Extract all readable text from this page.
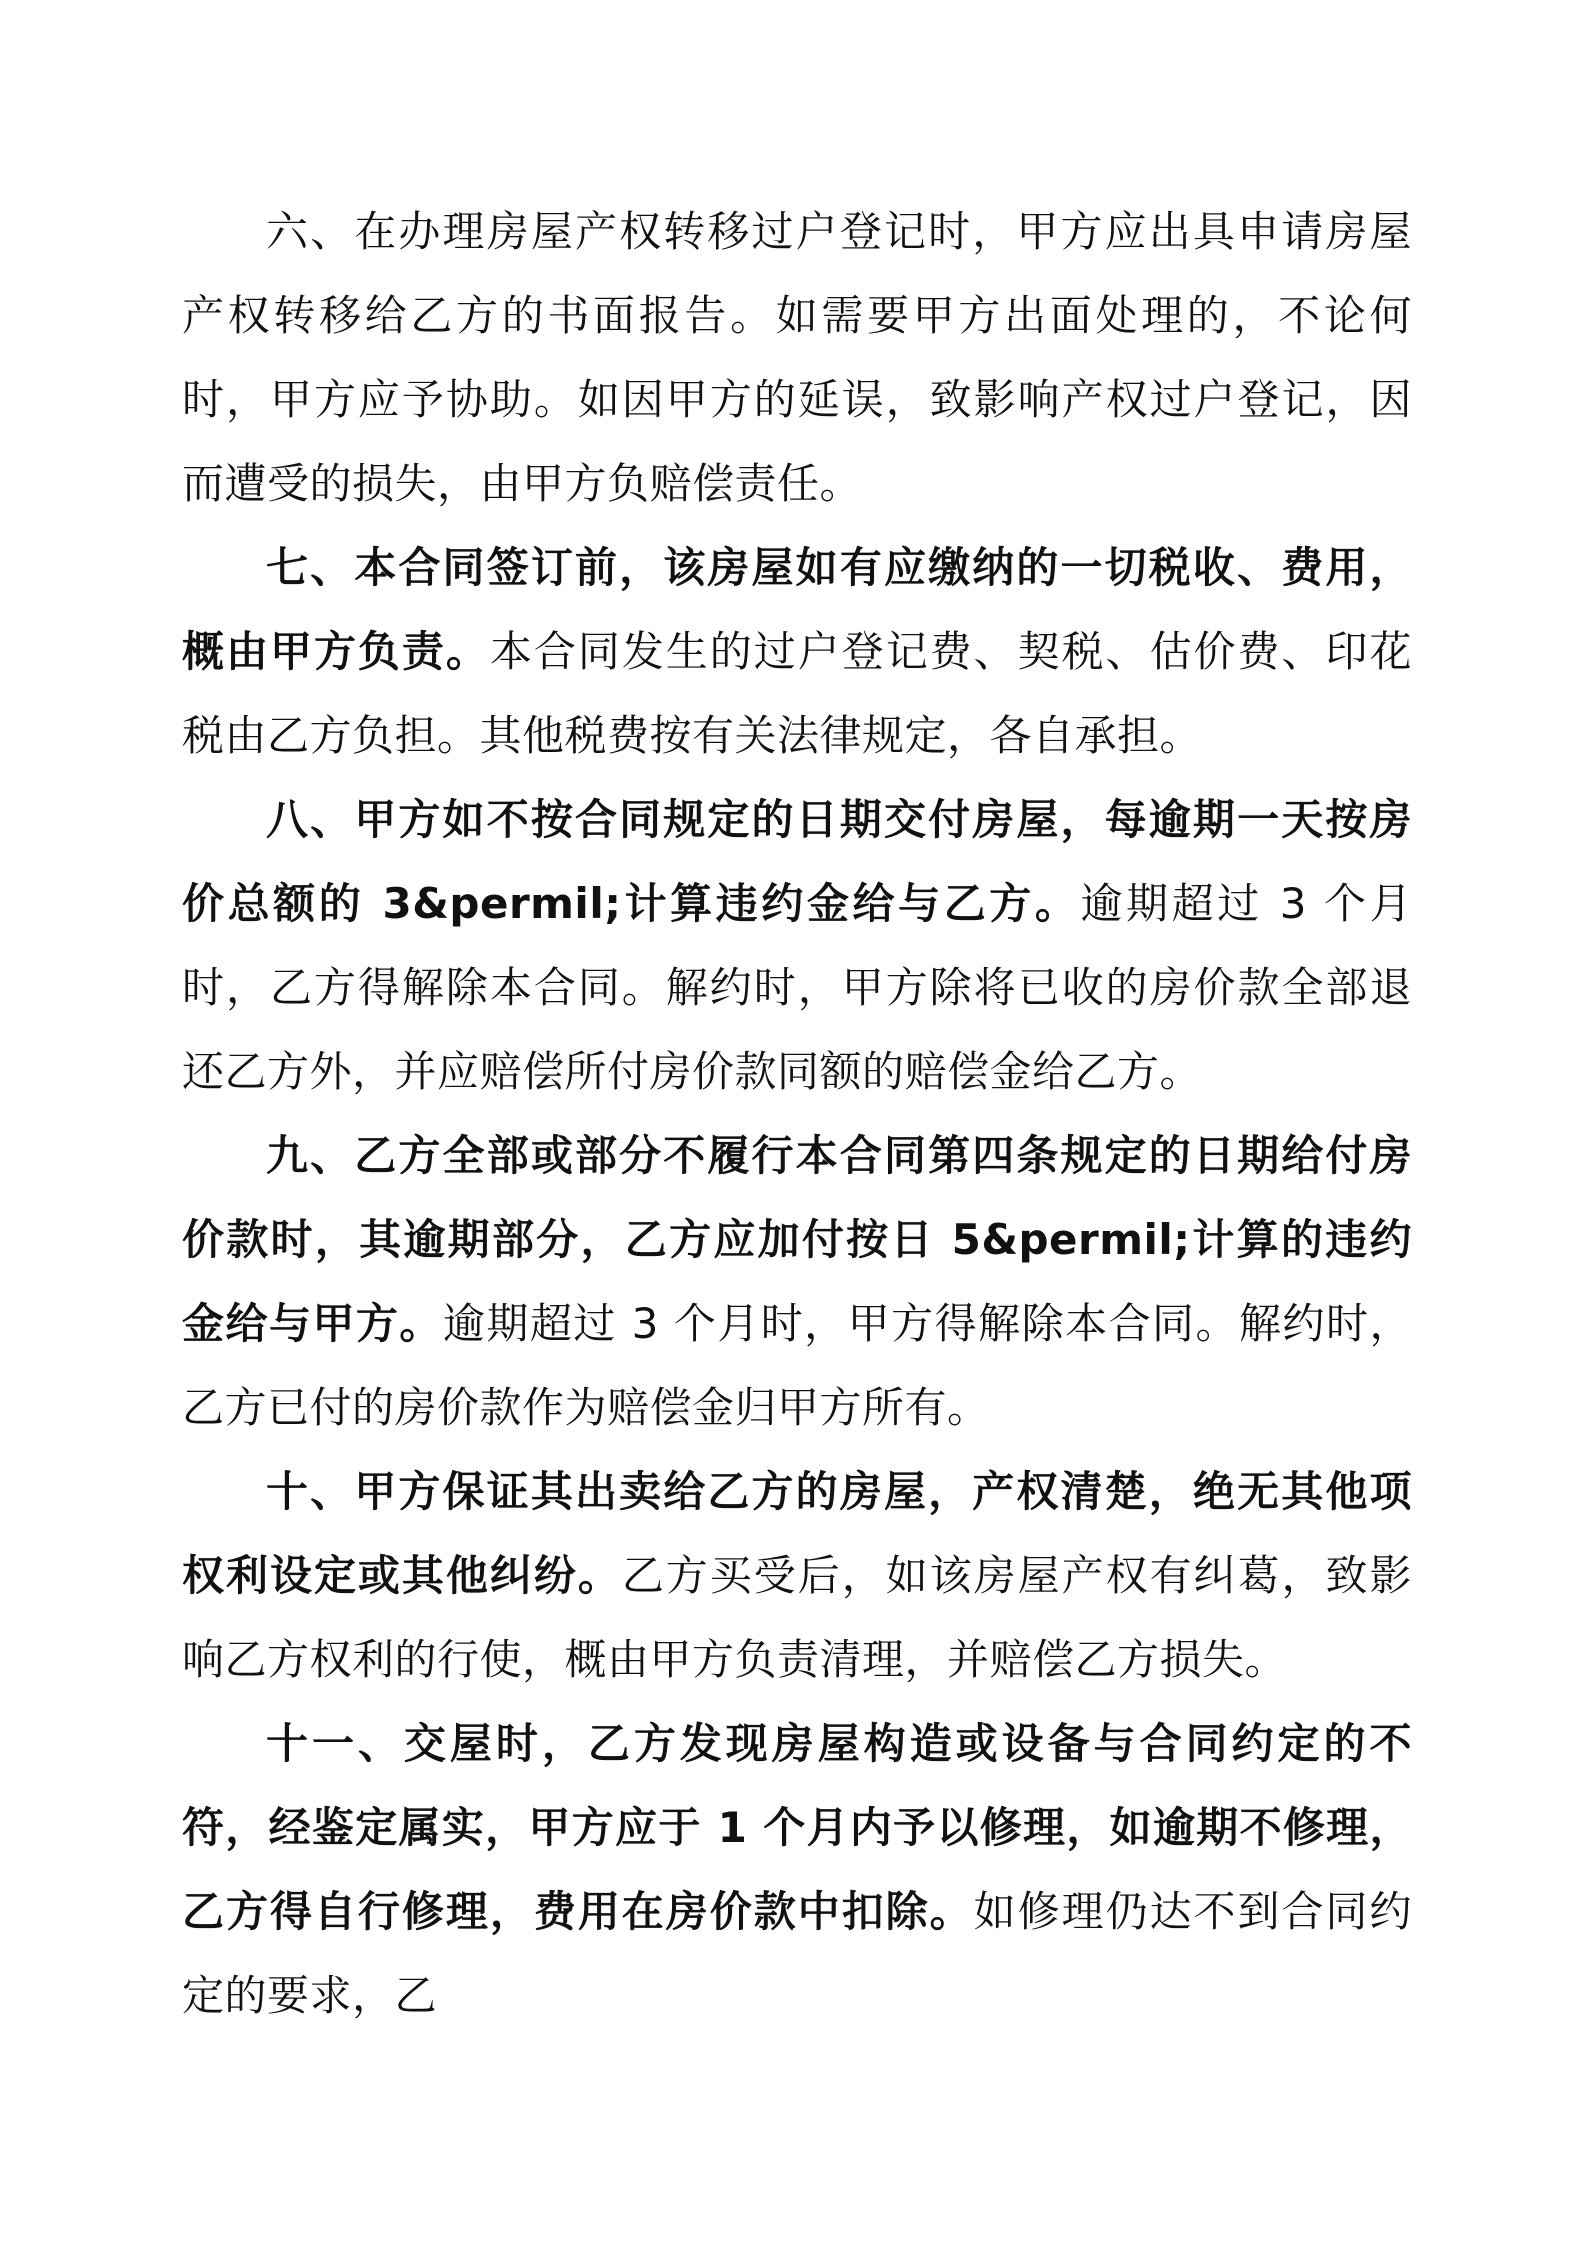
六、在办理房屋产权转移过户登记时，甲方应出具申请房屋产权转移给乙方的书面报告。如需要甲方出面处理的，不论何时，甲方应予协助。如因甲方的延误，致影响产权过户登记，因而遭受的损失，由甲方负赔偿责任。

七、本合同签订前，该房屋如有应缴纳的一切税收、费用，概由甲方负责。本合同发生的过户登记费、契税、估价费、印花税由乙方负担。其他税费按有关法律规定，各自承担。

八、甲方如不按合同规定的日期交付房屋，每逾期一天按房价总额的 3&permil;计算违约金给与乙方。逾期超过 3 个月时，乙方得解除本合同。解约时，甲方除将已收的房价款全部退还乙方外，并应赔偿所付房价款同额的赔偿金给乙方。

九、乙方全部或部分不履行本合同第四条规定的日期给付房价款时，其逾期部分，乙方应加付按日 5&permil;计算的违约金给与甲方。逾期超过 3 个月时，甲方得解除本合同。解约时，乙方已付的房价款作为赔偿金归甲方所有。

十、甲方保证其出卖给乙方的房屋，产权清楚，绝无其他项权利设定或其他纠纷。乙方买受后，如该房屋产权有纠葛，致影响乙方权利的行使，概由甲方负责清理，并赔偿乙方损失。

十一、交屋时，乙方发现房屋构造或设备与合同约定的不符，经鉴定属实，甲方应于 1 个月内予以修理，如逾期不修理，乙方得自行修理，费用在房价款中扣除。如修理仍达不到合同约定的要求，乙
